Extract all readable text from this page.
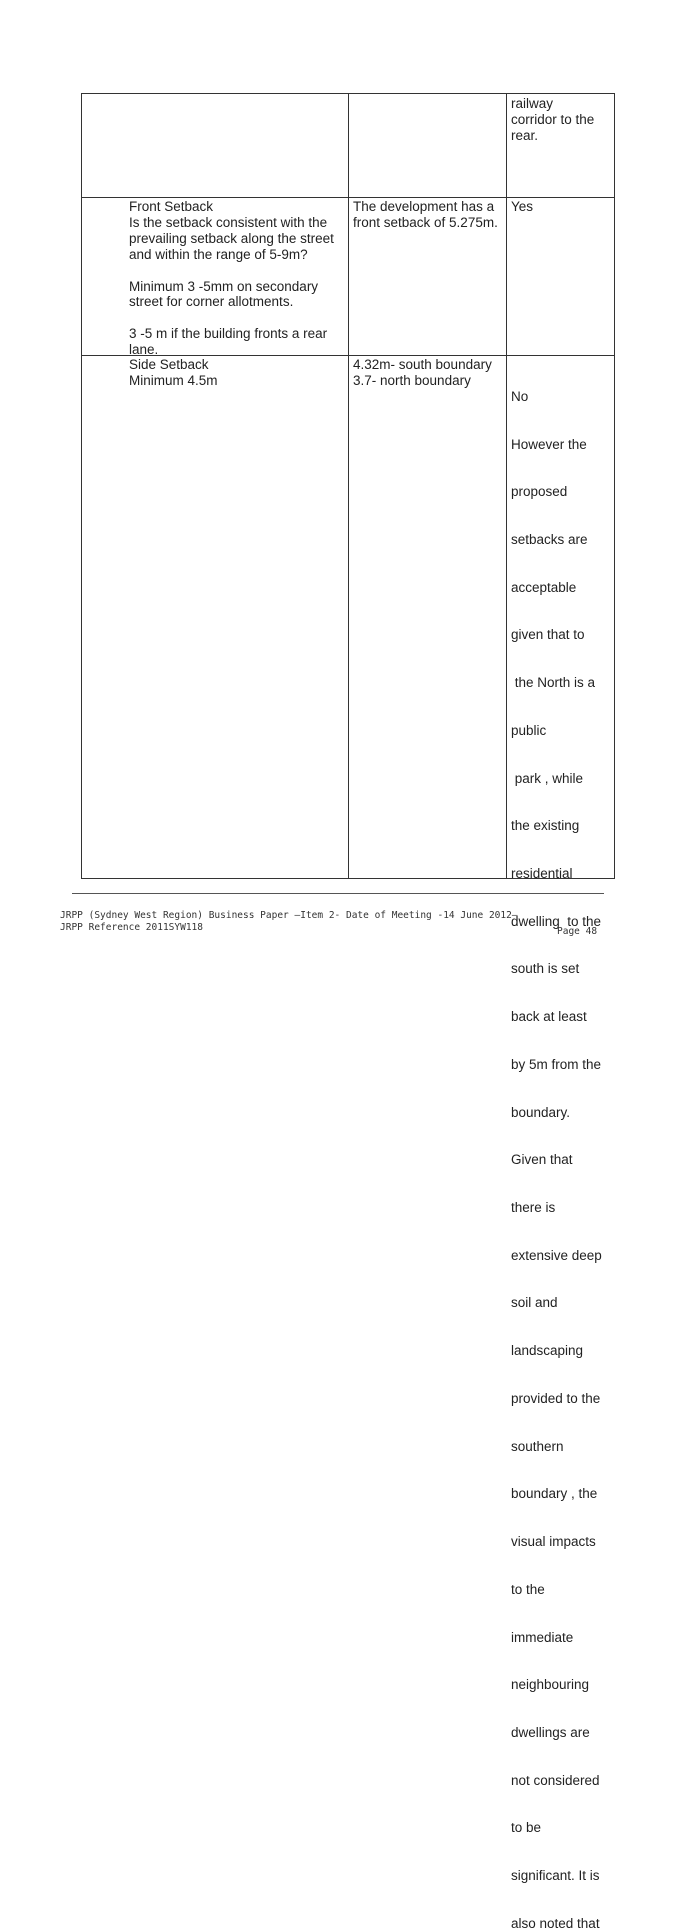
railway

corridor to the

rear.

Front Setback

Is the setback consistent with the

prevailing setback along the street

and within the range of 5-9m?

Minimum 3 -5mm on secondary

street for corner allotments.

3 -5 m if the building fronts a rear

lane.

The development has a

front setback of 5.275m.

Yes

Side Setback

Minimum 4.5m

4.32m- south boundary

3.7- north boundary

No

However the

proposed

setbacks are

acceptable

given that to

the North is a

public

park , while

the existing

residential

dwelling  to the

south is set

back at least

by 5m from the

boundary.

Given that

there is

extensive deep

soil and

landscaping

provided to the

southern

boundary , the

visual impacts

to the

immediate

neighbouring

dwellings are

not considered

to be

significant. It is

also noted that

JRPP (Sydney West Region) Business Paper –Item 2- Date of Meeting -14 June 2012–
JRPP Reference 2011SYW118	Page 48
